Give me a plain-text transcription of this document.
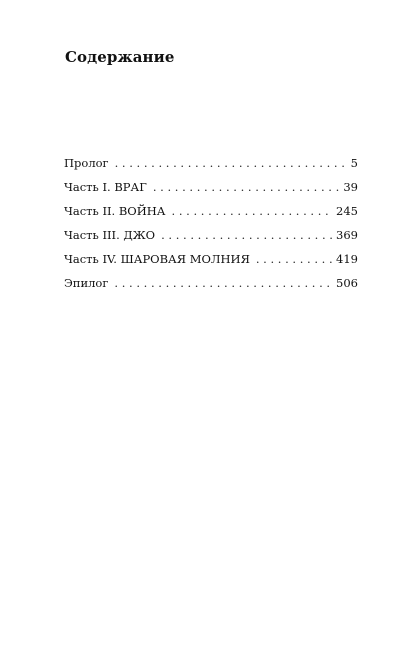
Содержание
Пролог . . .	5
Часть I. ВРАГ . . .	39
Часть II. ВОЙНА . . .	245
Часть III. ДЖО . . .	369
Часть IV. ШАРОВАЯ МОЛНИЯ . . .	419
Эпилог . . .	506
